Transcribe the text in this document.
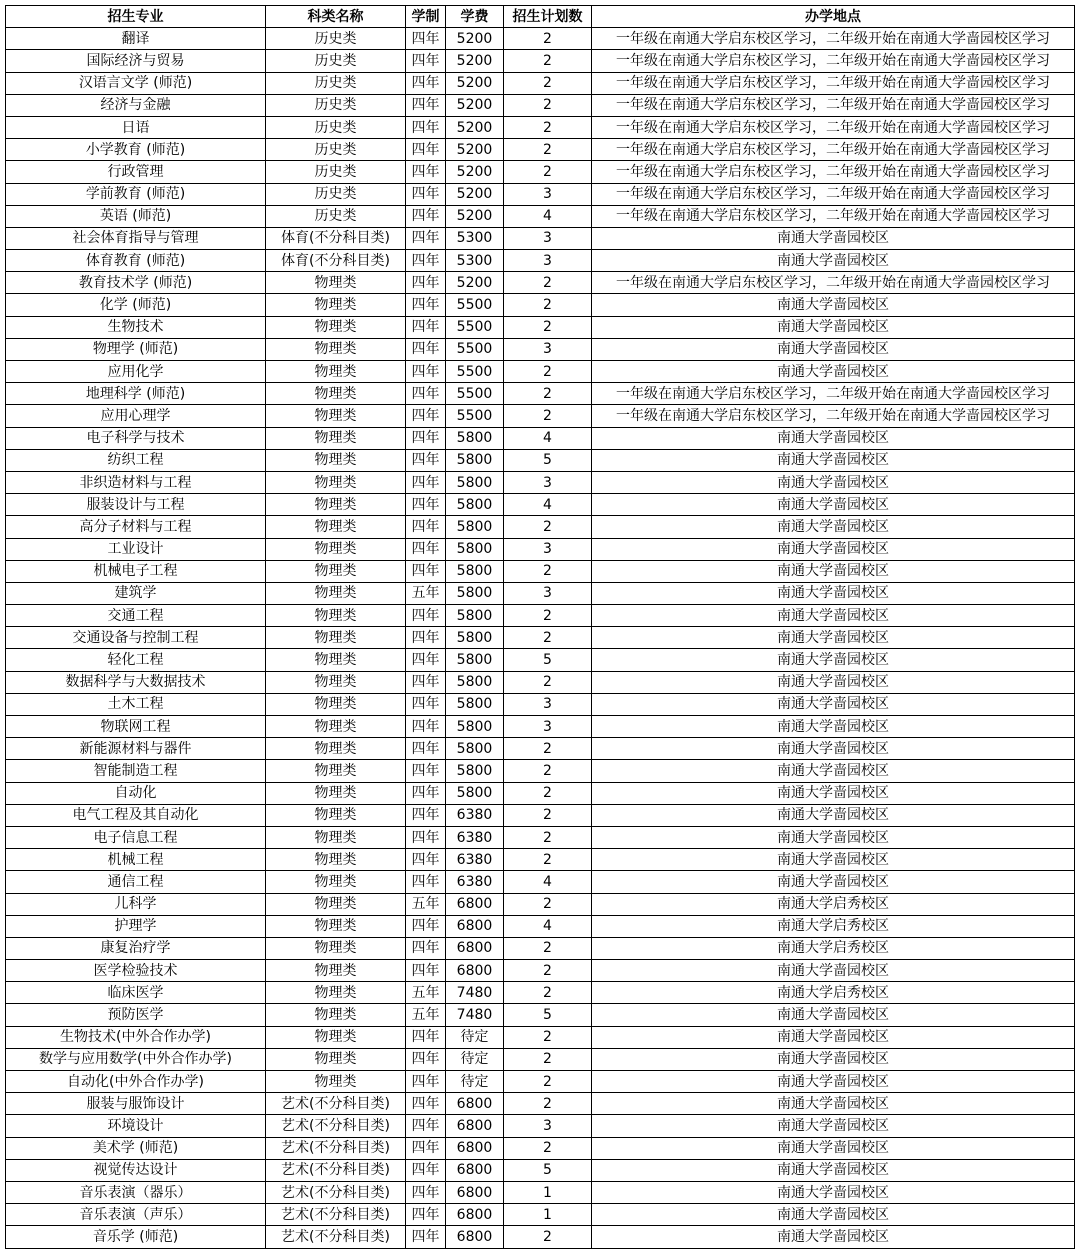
招生专业	科类名称	学制	学费	招生计划数	办学地点
翻译	历史类	四年	5200	2	一年级在南通大学启东校区学习，二年级开始在南通大学啬园校区学习
国际经济与贸易	历史类	四年	5200	2	一年级在南通大学启东校区学习，二年级开始在南通大学啬园校区学习
汉语言文学 (师范)	历史类	四年	5200	2	一年级在南通大学启东校区学习，二年级开始在南通大学啬园校区学习
经济与金融	历史类	四年	5200	2	一年级在南通大学启东校区学习，二年级开始在南通大学啬园校区学习
日语	历史类	四年	5200	2	一年级在南通大学启东校区学习，二年级开始在南通大学啬园校区学习
小学教育 (师范)	历史类	四年	5200	2	一年级在南通大学启东校区学习，二年级开始在南通大学啬园校区学习
行政管理	历史类	四年	5200	2	一年级在南通大学启东校区学习，二年级开始在南通大学啬园校区学习
学前教育 (师范)	历史类	四年	5200	3	一年级在南通大学启东校区学习，二年级开始在南通大学啬园校区学习
英语 (师范)	历史类	四年	5200	4	一年级在南通大学启东校区学习，二年级开始在南通大学啬园校区学习
社会体育指导与管理	体育(不分科目类)	四年	5300	3	南通大学啬园校区
体育教育 (师范)	体育(不分科目类)	四年	5300	3	南通大学啬园校区
教育技术学 (师范)	物理类	四年	5200	2	一年级在南通大学启东校区学习，二年级开始在南通大学啬园校区学习
化学 (师范)	物理类	四年	5500	2	南通大学啬园校区
生物技术	物理类	四年	5500	2	南通大学啬园校区
物理学 (师范)	物理类	四年	5500	3	南通大学啬园校区
应用化学	物理类	四年	5500	2	南通大学啬园校区
地理科学 (师范)	物理类	四年	5500	2	一年级在南通大学启东校区学习，二年级开始在南通大学啬园校区学习
应用心理学	物理类	四年	5500	2	一年级在南通大学启东校区学习，二年级开始在南通大学啬园校区学习
电子科学与技术	物理类	四年	5800	4	南通大学啬园校区
纺织工程	物理类	四年	5800	5	南通大学啬园校区
非织造材料与工程	物理类	四年	5800	3	南通大学啬园校区
服装设计与工程	物理类	四年	5800	4	南通大学啬园校区
高分子材料与工程	物理类	四年	5800	2	南通大学啬园校区
工业设计	物理类	四年	5800	3	南通大学啬园校区
机械电子工程	物理类	四年	5800	2	南通大学啬园校区
建筑学	物理类	五年	5800	3	南通大学啬园校区
交通工程	物理类	四年	5800	2	南通大学啬园校区
交通设备与控制工程	物理类	四年	5800	2	南通大学啬园校区
轻化工程	物理类	四年	5800	5	南通大学啬园校区
数据科学与大数据技术	物理类	四年	5800	2	南通大学啬园校区
土木工程	物理类	四年	5800	3	南通大学啬园校区
物联网工程	物理类	四年	5800	3	南通大学啬园校区
新能源材料与器件	物理类	四年	5800	2	南通大学啬园校区
智能制造工程	物理类	四年	5800	2	南通大学啬园校区
自动化	物理类	四年	5800	2	南通大学啬园校区
电气工程及其自动化	物理类	四年	6380	2	南通大学啬园校区
电子信息工程	物理类	四年	6380	2	南通大学啬园校区
机械工程	物理类	四年	6380	2	南通大学啬园校区
通信工程	物理类	四年	6380	4	南通大学啬园校区
儿科学	物理类	五年	6800	2	南通大学启秀校区
护理学	物理类	四年	6800	4	南通大学启秀校区
康复治疗学	物理类	四年	6800	2	南通大学启秀校区
医学检验技术	物理类	四年	6800	2	南通大学啬园校区
临床医学	物理类	五年	7480	2	南通大学启秀校区
预防医学	物理类	五年	7480	5	南通大学啬园校区
生物技术(中外合作办学)	物理类	四年	待定	2	南通大学啬园校区
数学与应用数学(中外合作办学)	物理类	四年	待定	2	南通大学啬园校区
自动化(中外合作办学)	物理类	四年	待定	2	南通大学啬园校区
服装与服饰设计	艺术(不分科目类)	四年	6800	2	南通大学啬园校区
环境设计	艺术(不分科目类)	四年	6800	3	南通大学啬园校区
美术学 (师范)	艺术(不分科目类)	四年	6800	2	南通大学啬园校区
视觉传达设计	艺术(不分科目类)	四年	6800	5	南通大学啬园校区
音乐表演（器乐）	艺术(不分科目类)	四年	6800	1	南通大学啬园校区
音乐表演（声乐）	艺术(不分科目类)	四年	6800	1	南通大学啬园校区
音乐学 (师范)	艺术(不分科目类)	四年	6800	2	南通大学啬园校区
